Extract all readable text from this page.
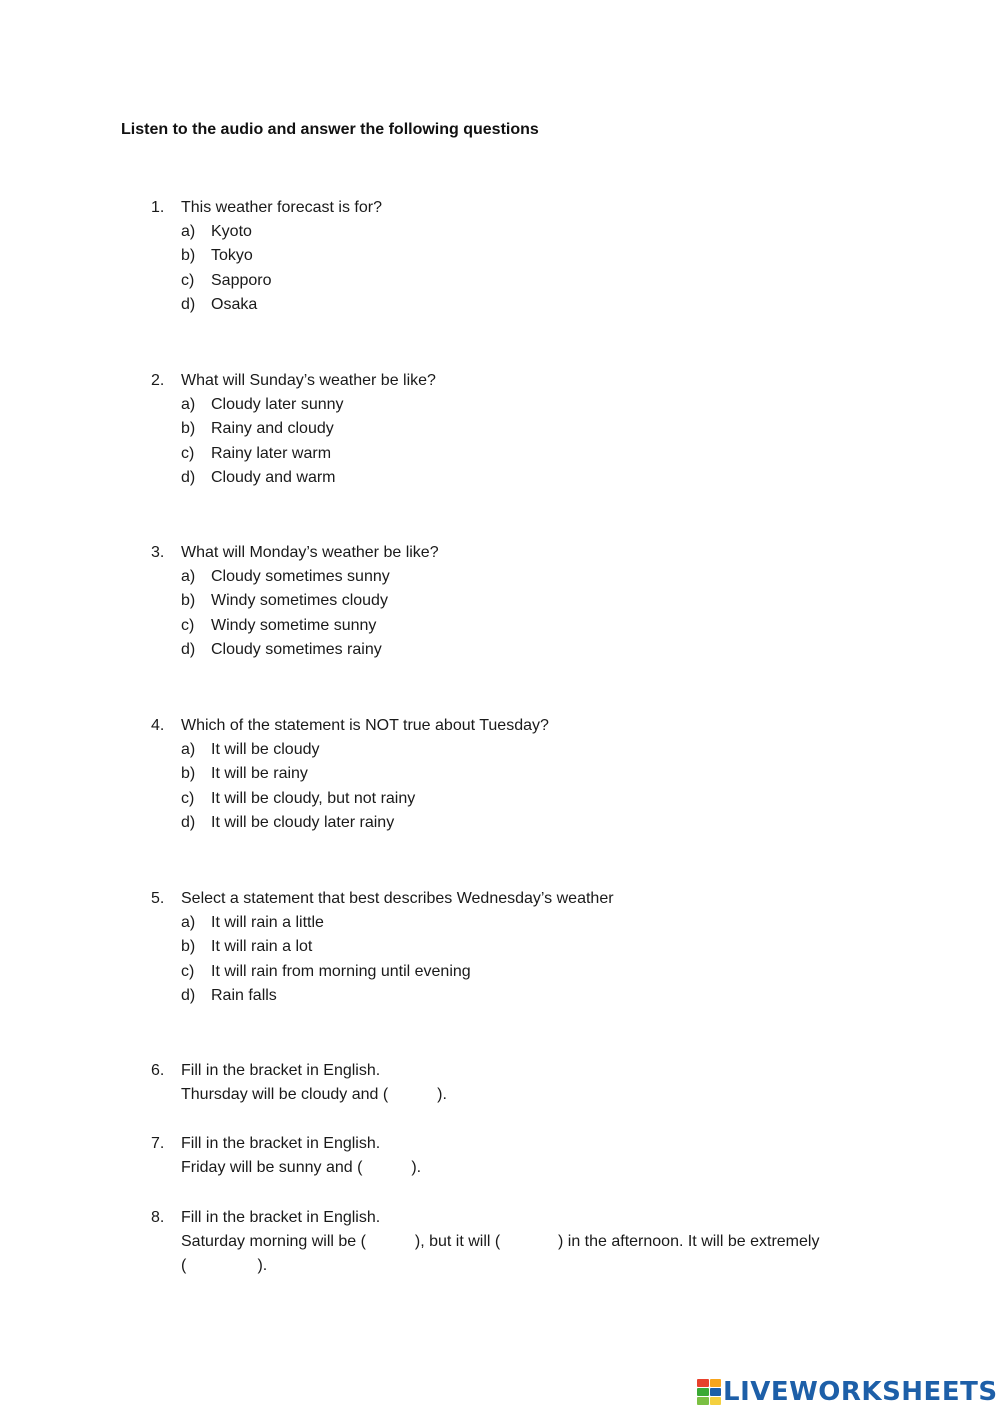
Listen to the audio and answer the following questions
1.	This weather forecast is for?
a) Kyoto
b) Tokyo
c)	Sapporo
d) Osaka
2.	What will Sunday’s weather be like?
a) Cloudy later sunny
b) Rainy and cloudy
c)	Rainy later warm
d) Cloudy and warm
3.	What will Monday’s weather be like?
a) Cloudy sometimes sunny
b) Windy sometimes cloudy
c)	Windy sometime sunny
d) Cloudy sometimes rainy
4.	Which of the statement is NOT true about Tuesday?
a) It will be cloudy
b) It will be rainy
c)	It will be cloudy, but not rainy
d) It will be cloudy later rainy
5.	Select a statement that best describes Wednesday’s weather
a) It will rain a little
b) It will rain a lot
c)	It will rain from morning until evening
d) Rain falls
6.	Fill in the bracket in English.
Thursday will be cloudy and (           ).
7.	Fill in the bracket in English.
Friday will be sunny and (           ).
8.	Fill in the bracket in English.
Saturday morning will be (           ), but it will (             ) in the afternoon. It will be extremely (                ).
LIVEWORKSHEETS
